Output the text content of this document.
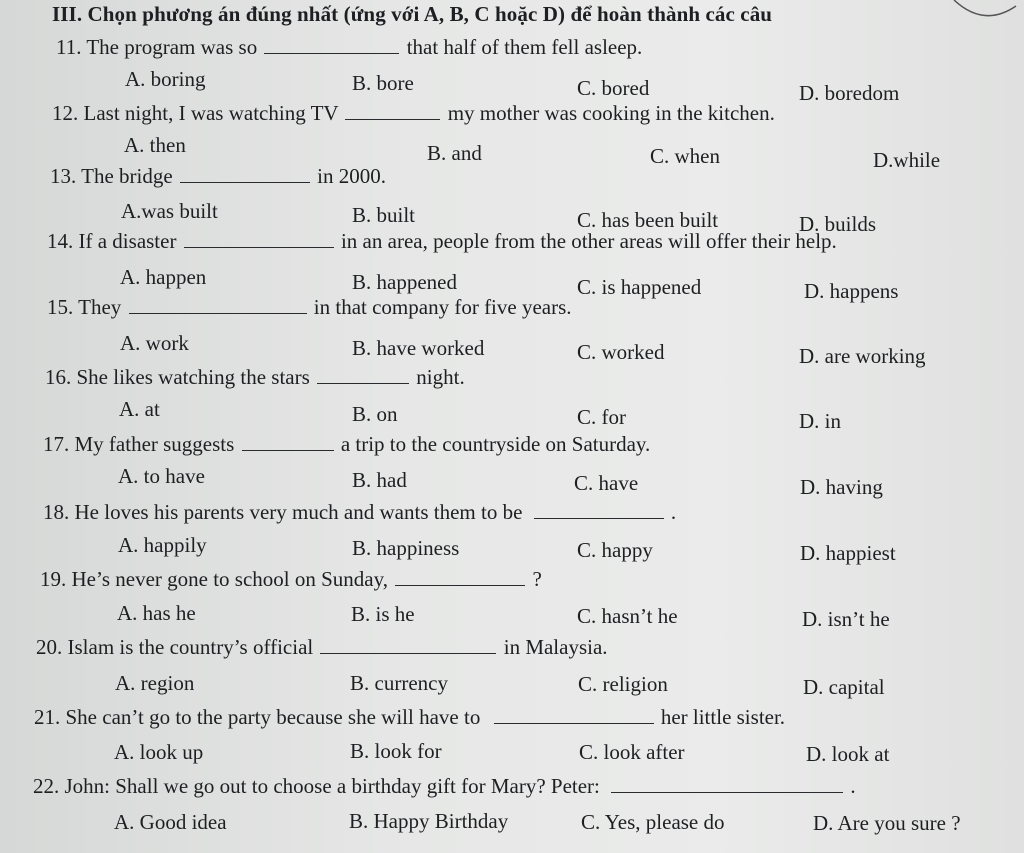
III. Chọn phương án đúng nhất (ứng với A, B, C hoặc D) để hoàn thành các câu
11. The program was so	that half of them fell asleep.
A. boring	B. bore	C. bored	D. boredom
12. Last night, I was watching TV	my mother was cooking in the kitchen.
A. then	B. and	C. when	D.while
13. The bridge	in 2000.
A.was built	B. built	C. has been built	D. builds
14. If a disaster	in an area, people from the other areas will offer their help.
A. happen	B. happened	C. is happened	D. happens
15. They	in that company for five years.
A. work	B. have worked	C. worked	D. are working
16. She likes watching the stars	night.
A. at	B. on	C. for	D. in
17. My father suggests	a trip to the countryside on Saturday.
A. to have	B. had	C. have	D. having
18. He loves his parents very much and wants them to be	.
A. happily	B. happiness	C. happy	D. happiest
19. He’s never gone to school on Sunday,	?
A. has he	B. is he	C. hasn’t he	D. isn’t he
20. Islam is the country’s official	in Malaysia.
A. region	B. currency	C. religion	D. capital
21. She can’t go to the party because she will have to	her little sister.
A. look up	B. look for	C. look after	D. look at
22. John: Shall we go out to choose a birthday gift for Mary? Peter:	.
A. Good idea	B. Happy Birthday	C. Yes, please do	D. Are you sure ?
